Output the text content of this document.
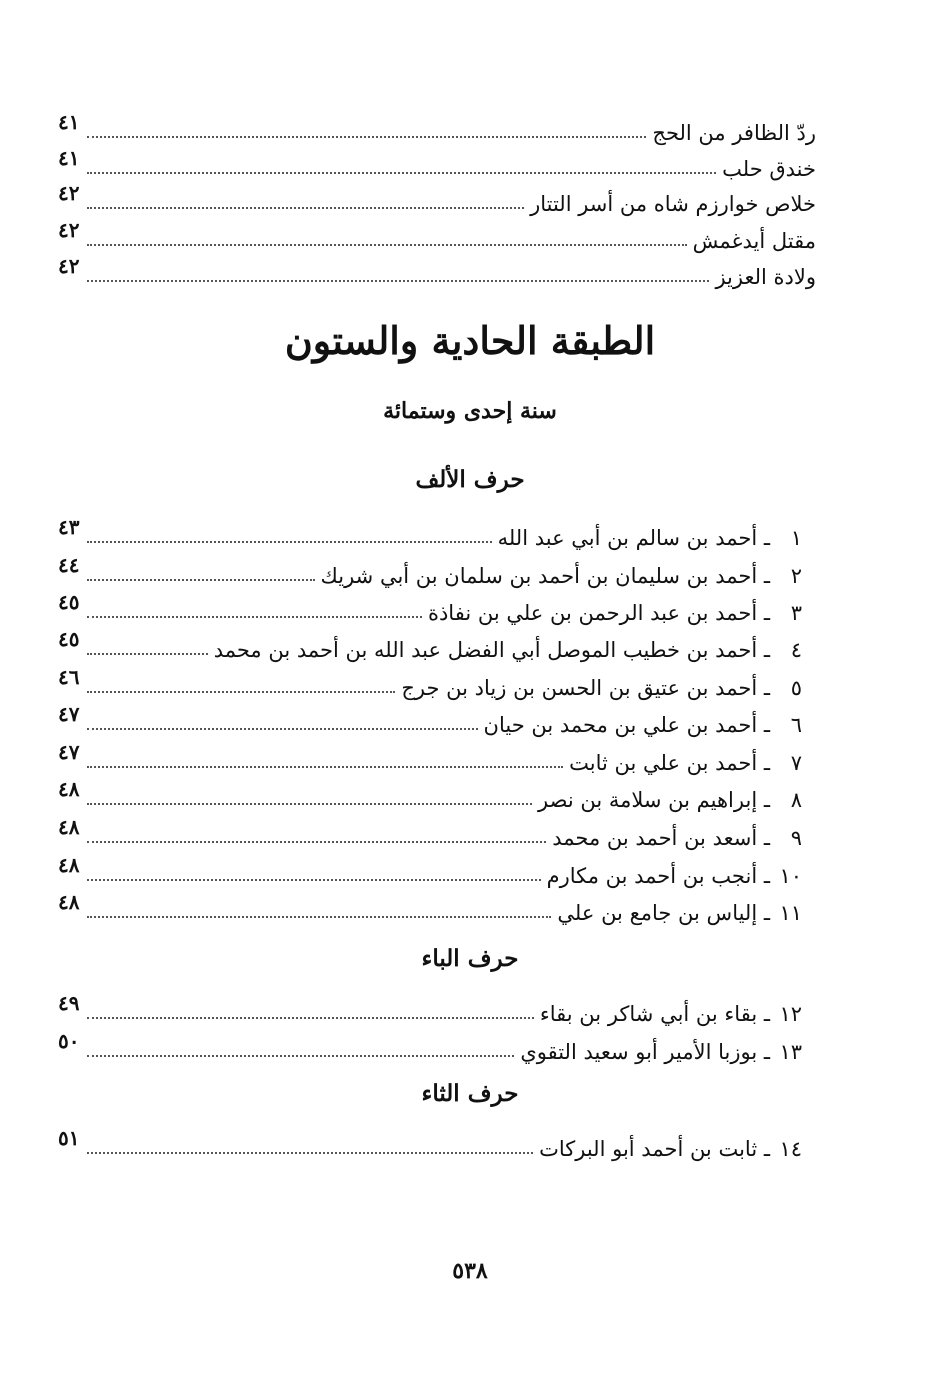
ردّ الظافر من الحج
٤١
خندق حلب
٤١
خلاص خوارزم شاه من أسر التتار
٤٢
مقتل أيدغمش
٤٢
ولادة العزيز
٤٢
الطبقة الحادية والستون
سنة إحدى وستمائة
حرف الألف
١
ـ أحمد بن سالم بن أبي عبد الله
٤٣
٢
ـ أحمد بن سليمان بن أحمد بن سلمان بن أبي شريك
٤٤
٣
ـ أحمد بن عبد الرحمن بن علي بن نفاذة
٤٥
٤
ـ أحمد بن خطيب الموصل أبي الفضل عبد الله بن أحمد بن محمد
٤٥
٥
ـ أحمد بن عتيق بن الحسن بن زياد بن جرج
٤٦
٦
ـ أحمد بن علي بن محمد بن حيان
٤٧
٧
ـ أحمد بن علي بن ثابت
٤٧
٨
ـ إبراهيم بن سلامة بن نصر
٤٨
٩
ـ أسعد بن أحمد بن محمد
٤٨
١٠
ـ أنجب بن أحمد بن مكارم
٤٨
١١
ـ إلياس بن جامع بن علي
٤٨
حرف الباء
١٢
ـ بقاء بن أبي شاكر بن بقاء
٤٩
١٣
ـ بوزبا الأمير أبو سعيد التقوي
٥٠
حرف الثاء
١٤
ـ ثابت بن أحمد أبو البركات
٥١
٥٣٨
